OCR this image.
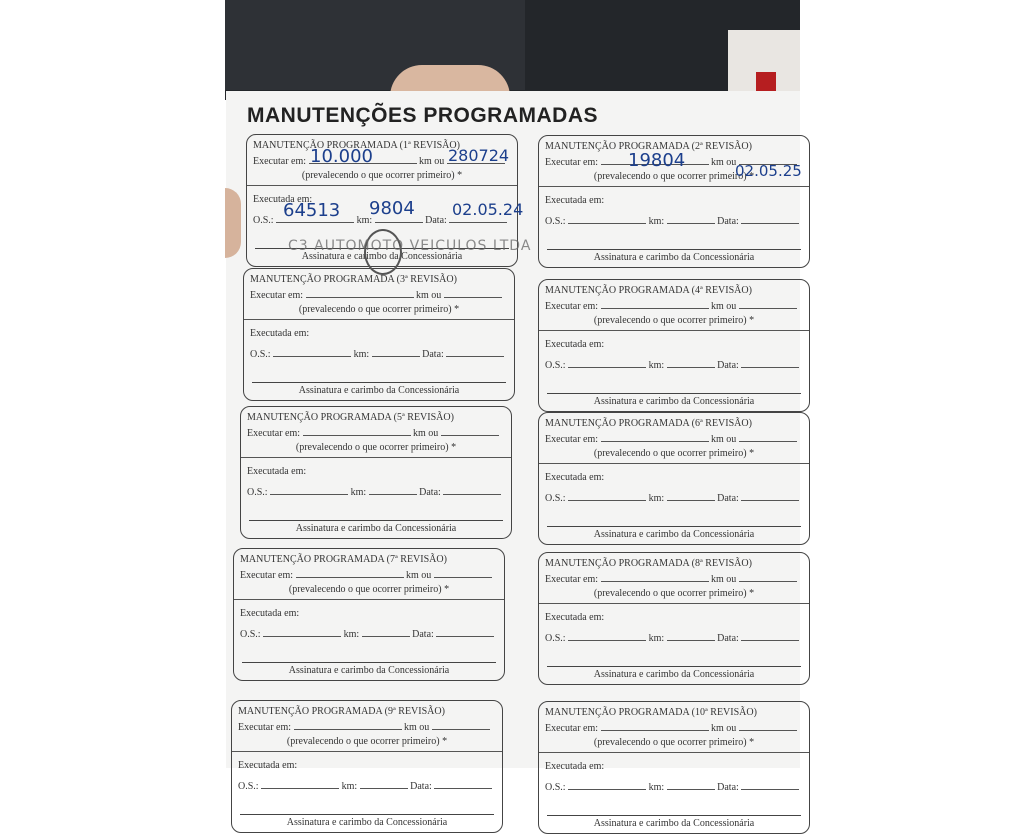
MANUTENÇÕES PROGRAMADAS
MANUTENÇÃO PROGRAMADA (1ª REVISÃO)
Executar em:	km ou
(prevalecendo o que ocorrer primeiro) *
Executada em:
O.S.:	km:	Data:
Assinatura e carimbo da Concessionária
MANUTENÇÃO PROGRAMADA (2ª REVISÃO)
Executar em:	km ou
(prevalecendo o que ocorrer primeiro) *
Executada em:
O.S.:	km:	Data:
Assinatura e carimbo da Concessionária
MANUTENÇÃO PROGRAMADA (3ª REVISÃO)
Executar em:	km ou
(prevalecendo o que ocorrer primeiro) *
Executada em:
O.S.:	km:	Data:
Assinatura e carimbo da Concessionária
MANUTENÇÃO PROGRAMADA (4ª REVISÃO)
Executar em:	km ou
(prevalecendo o que ocorrer primeiro) *
Executada em:
O.S.:	km:	Data:
Assinatura e carimbo da Concessionária
MANUTENÇÃO PROGRAMADA (5ª REVISÃO)
Executar em:	km ou
(prevalecendo o que ocorrer primeiro) *
Executada em:
O.S.:	km:	Data:
Assinatura e carimbo da Concessionária
MANUTENÇÃO PROGRAMADA (6ª REVISÃO)
Executar em:	km ou
(prevalecendo o que ocorrer primeiro) *
Executada em:
O.S.:	km:	Data:
Assinatura e carimbo da Concessionária
MANUTENÇÃO PROGRAMADA (7ª REVISÃO)
Executar em:	km ou
(prevalecendo o que ocorrer primeiro) *
Executada em:
O.S.:	km:	Data:
Assinatura e carimbo da Concessionária
MANUTENÇÃO PROGRAMADA (8ª REVISÃO)
Executar em:	km ou
(prevalecendo o que ocorrer primeiro) *
Executada em:
O.S.:	km:	Data:
Assinatura e carimbo da Concessionária
MANUTENÇÃO PROGRAMADA (9ª REVISÃO)
Executar em:	km ou
(prevalecendo o que ocorrer primeiro) *
Executada em:
O.S.:	km:	Data:
Assinatura e carimbo da Concessionária
MANUTENÇÃO PROGRAMADA (10ª REVISÃO)
Executar em:	km ou
(prevalecendo o que ocorrer primeiro) *
Executada em:
O.S.:	km:	Data:
Assinatura e carimbo da Concessionária
C3 AUTOMOTO VEICULOS LTDA
10.000	280724
64513 9804 02.05.24
19804	02.05.25
